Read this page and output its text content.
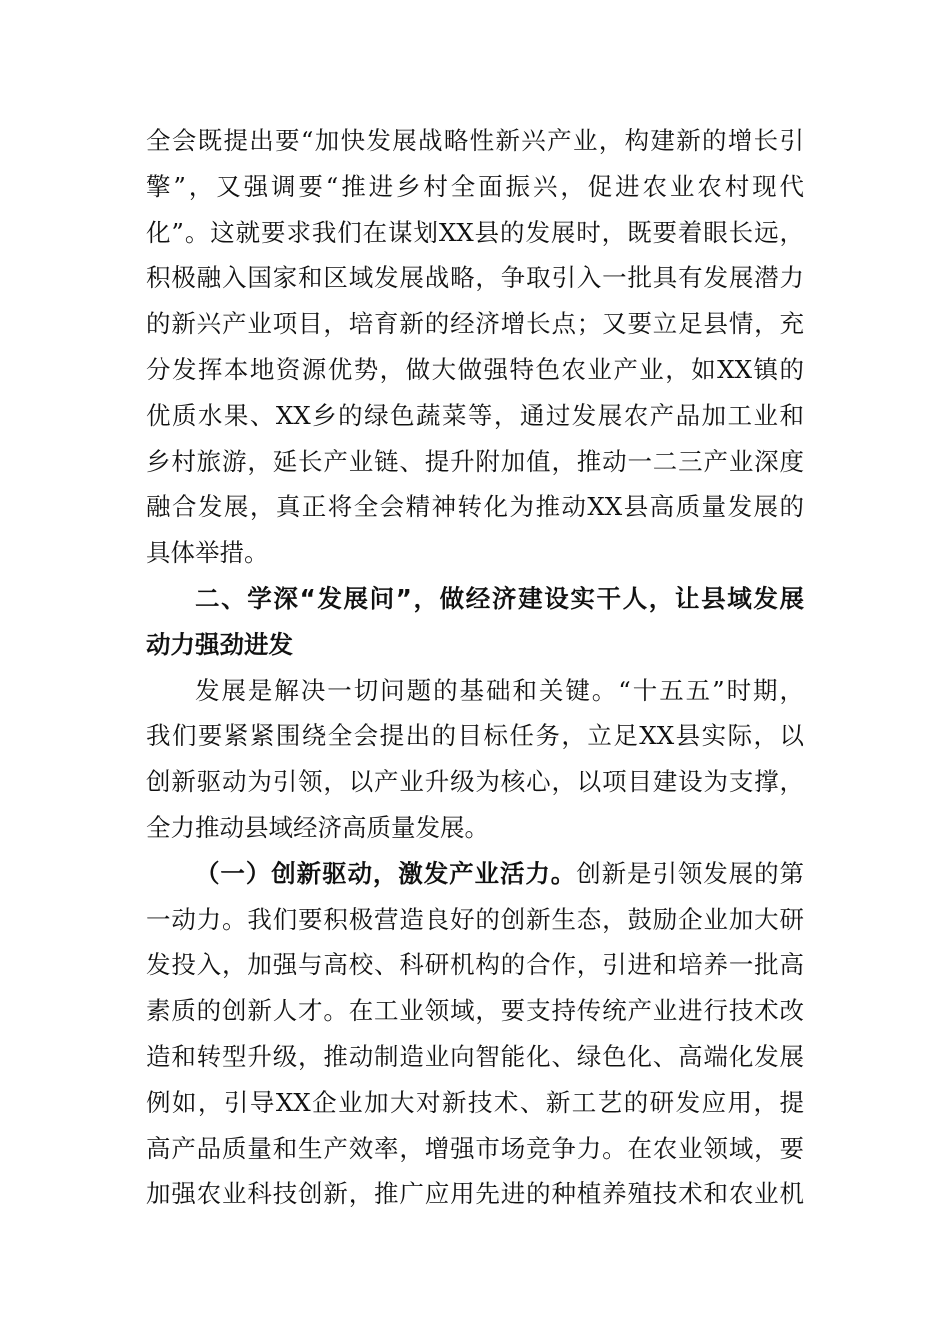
全会既提出要“加快发展战略性新兴产业，构建新的增长引
擎”，又强调要“推进乡村全面振兴，促进农业农村现代
化”。这就要求我们在谋划XX县的发展时，既要着眼长远，
积极融入国家和区域发展战略，争取引入一批具有发展潜力
的新兴产业项目，培育新的经济增长点；又要立足县情，充
分发挥本地资源优势，做大做强特色农业产业，如XX镇的
优质水果、XX乡的绿色蔬菜等，通过发展农产品加工业和
乡村旅游，延长产业链、提升附加值，推动一二三产业深度
融合发展，真正将全会精神转化为推动XX县高质量发展的
具体举措。
二、学深“发展问”，做经济建设实干人，让县域发展
动力强劲进发
发展是解决一切问题的基础和关键。“十五五”时期，
我们要紧紧围绕全会提出的目标任务，立足XX县实际，以
创新驱动为引领，以产业升级为核心，以项目建设为支撑，
全力推动县域经济高质量发展。
（一）创新驱动，激发产业活力。创新是引领发展的第
一动力。我们要积极营造良好的创新生态，鼓励企业加大研
发投入，加强与高校、科研机构的合作，引进和培养一批高
素质的创新人才。在工业领域，要支持传统产业进行技术改
造和转型升级，推动制造业向智能化、绿色化、高端化发展
例如，引导XX企业加大对新技术、新工艺的研发应用，提
高产品质量和生产效率，增强市场竞争力。在农业领域，要
加强农业科技创新，推广应用先进的种植养殖技术和农业机
